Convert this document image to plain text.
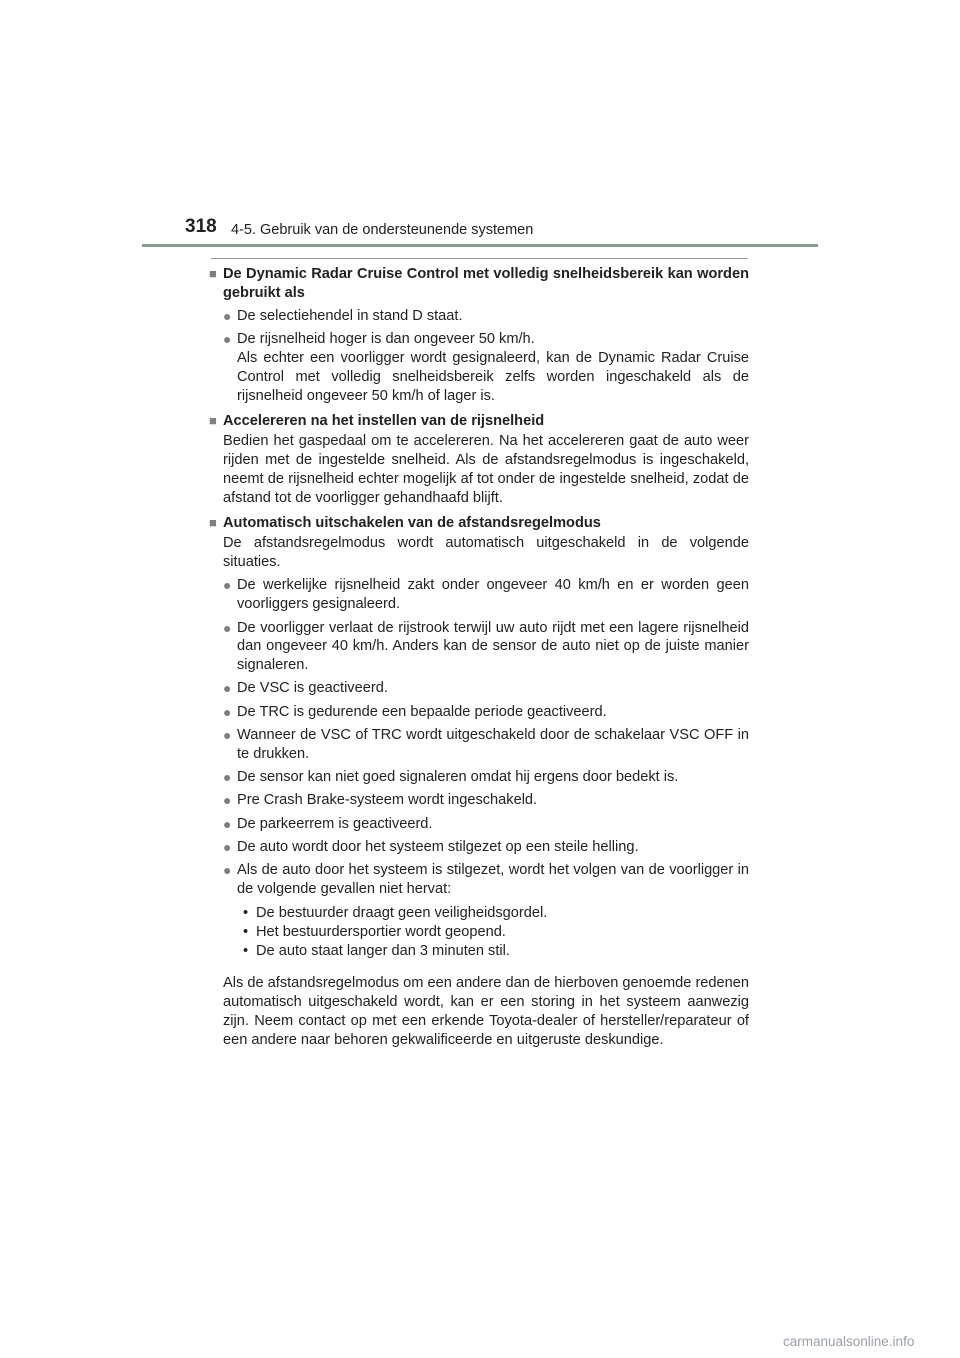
318 4-5. Gebruik van de ondersteunende systemen
■ De Dynamic Radar Cruise Control met volledig snelheidsbereik kan worden gebruikt als
● De selectiehendel in stand D staat.
● De rijsnelheid hoger is dan ongeveer 50 km/h.
Als echter een voorligger wordt gesignaleerd, kan de Dynamic Radar Cruise Control met volledig snelheidsbereik zelfs worden ingeschakeld als de rijsnelheid ongeveer 50 km/h of lager is.
■ Accelereren na het instellen van de rijsnelheid
Bedien het gaspedaal om te accelereren. Na het accelereren gaat de auto weer rijden met de ingestelde snelheid. Als de afstandsregelmodus is ingeschakeld, neemt de rijsnelheid echter mogelijk af tot onder de ingestelde snelheid, zodat de afstand tot de voorligger gehandhaafd blijft.
■ Automatisch uitschakelen van de afstandsregelmodus
De afstandsregelmodus wordt automatisch uitgeschakeld in de volgende situaties.
● De werkelijke rijsnelheid zakt onder ongeveer 40 km/h en er worden geen voorliggers gesignaleerd.
● De voorligger verlaat de rijstrook terwijl uw auto rijdt met een lagere rijsnelheid dan ongeveer 40 km/h. Anders kan de sensor de auto niet op de juiste manier signaleren.
● De VSC is geactiveerd.
● De TRC is gedurende een bepaalde periode geactiveerd.
● Wanneer de VSC of TRC wordt uitgeschakeld door de schakelaar VSC OFF in te drukken.
● De sensor kan niet goed signaleren omdat hij ergens door bedekt is.
● Pre Crash Brake-systeem wordt ingeschakeld.
● De parkeerrem is geactiveerd.
● De auto wordt door het systeem stilgezet op een steile helling.
● Als de auto door het systeem is stilgezet, wordt het volgen van de voorligger in de volgende gevallen niet hervat:
• De bestuurder draagt geen veiligheidsgordel.
• Het bestuurdersportier wordt geopend.
• De auto staat langer dan 3 minuten stil.
Als de afstandsregelmodus om een andere dan de hierboven genoemde redenen automatisch uitgeschakeld wordt, kan er een storing in het systeem aanwezig zijn. Neem contact op met een erkende Toyota-dealer of hersteller/reparateur of een andere naar behoren gekwalificeerde en uitgeruste deskundige.
carmanualsonline.info
